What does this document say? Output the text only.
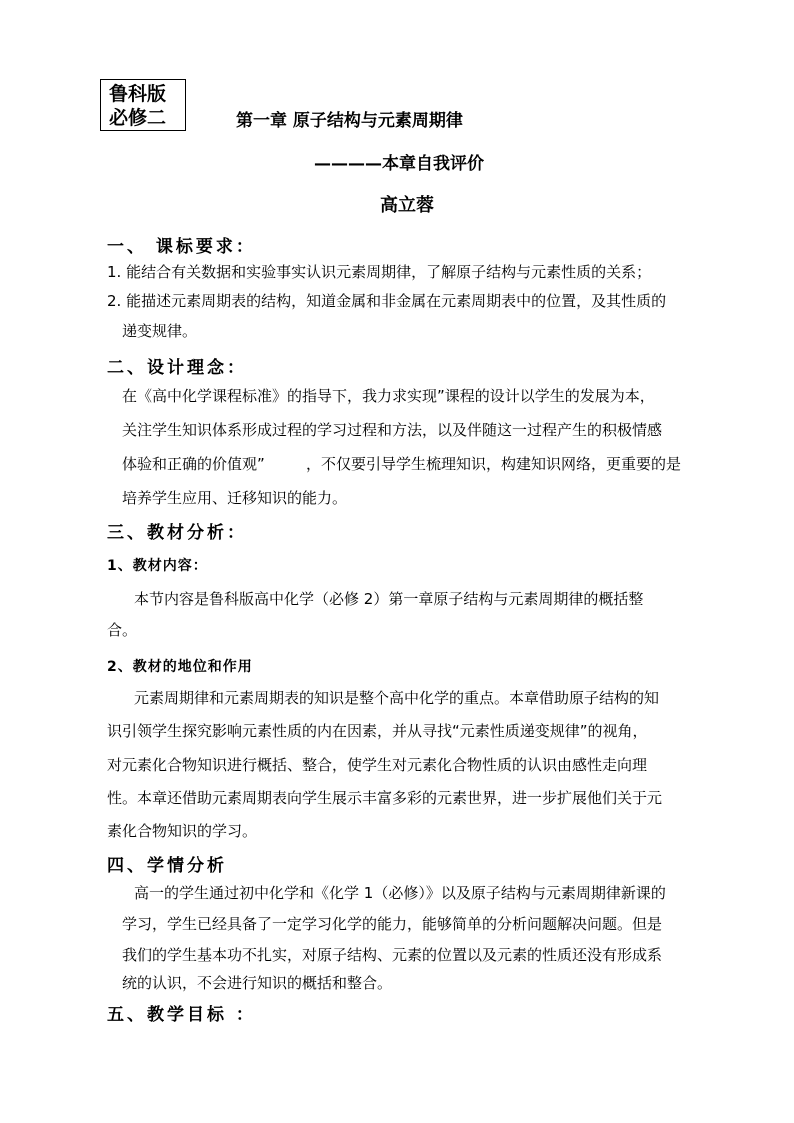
鲁科版
必修二	第一章 原子结构与元素周期律
————本章自我评价
高立蓉
一、 课标要求：
1. 能结合有关数据和实验事实认识元素周期律，了解原子结构与元素性质的关系；
2. 能描述元素周期表的结构，知道金属和非金属在元素周期表中的位置，及其性质的
递变规律。
二、设计理念：
在《高中化学课程标准》的指导下，我力求实现”课程的设计以学生的发展为本，
关注学生知识体系形成过程的学习过程和方法，以及伴随这一过程产生的积极情感
体验和正确的价值观”	，不仅要引导学生梳理知识，构建知识网络，更重要的是
培养学生应用、迁移知识的能力。
三、教材分析：
1、教材内容：
本节内容是鲁科版高中化学（必修 2）第一章原子结构与元素周期律的概括整
合。
2、教材的地位和作用
元素周期律和元素周期表的知识是整个高中化学的重点。本章借助原子结构的知
识引领学生探究影响元素性质的内在因素，并从寻找“元素性质递变规律”的视角，
对元素化合物知识进行概括、整合，使学生对元素化合物性质的认识由感性走向理
性。本章还借助元素周期表向学生展示丰富多彩的元素世界，进一步扩展他们关于元
素化合物知识的学习。
四、学情分析
高一的学生通过初中化学和《化学 1（必修）》以及原子结构与元素周期律新课的
学习，学生已经具备了一定学习化学的能力，能够简单的分析问题解决问题。但是
我们的学生基本功不扎实，对原子结构、元素的位置以及元素的性质还没有形成系
统的认识，不会进行知识的概括和整合。
五、教学目标 ：
